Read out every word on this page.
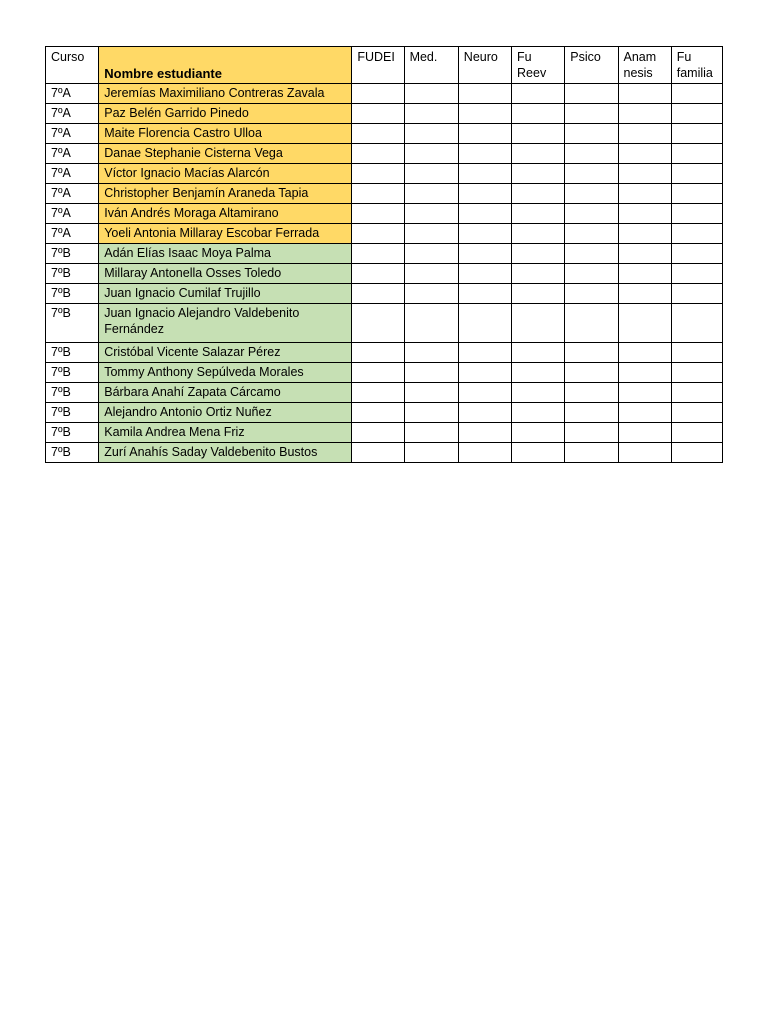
Curso	Nombre estudiante	FUDEI	Med.	Neuro	Fu Reev	Psico	Anam nesis	Fu familia
7ºA	Jeremías Maximiliano Contreras Zavala							
7ºA	Paz Belén Garrido Pinedo							
7ºA	Maite Florencia Castro Ulloa							
7ºA	Danae Stephanie Cisterna Vega							
7ºA	Víctor Ignacio Macías Alarcón							
7ºA	Christopher Benjamín Araneda Tapia							
7ºA	Iván Andrés Moraga Altamirano							
7ºA	Yoeli Antonia Millaray Escobar Ferrada							
7ºB	Adán Elías Isaac Moya Palma							
7ºB	Millaray Antonella Osses Toledo							
7ºB	Juan Ignacio Cumilaf Trujillo							
7ºB	Juan Ignacio Alejandro Valdebenito Fernández							
7ºB	Cristóbal Vicente Salazar Pérez							
7ºB	Tommy Anthony Sepúlveda Morales							
7ºB	Bárbara Anahí Zapata Cárcamo							
7ºB	Alejandro Antonio Ortiz Nuñez							
7ºB	Kamila Andrea Mena Friz							
7ºB	Zurí Anahís Saday Valdebenito Bustos							
